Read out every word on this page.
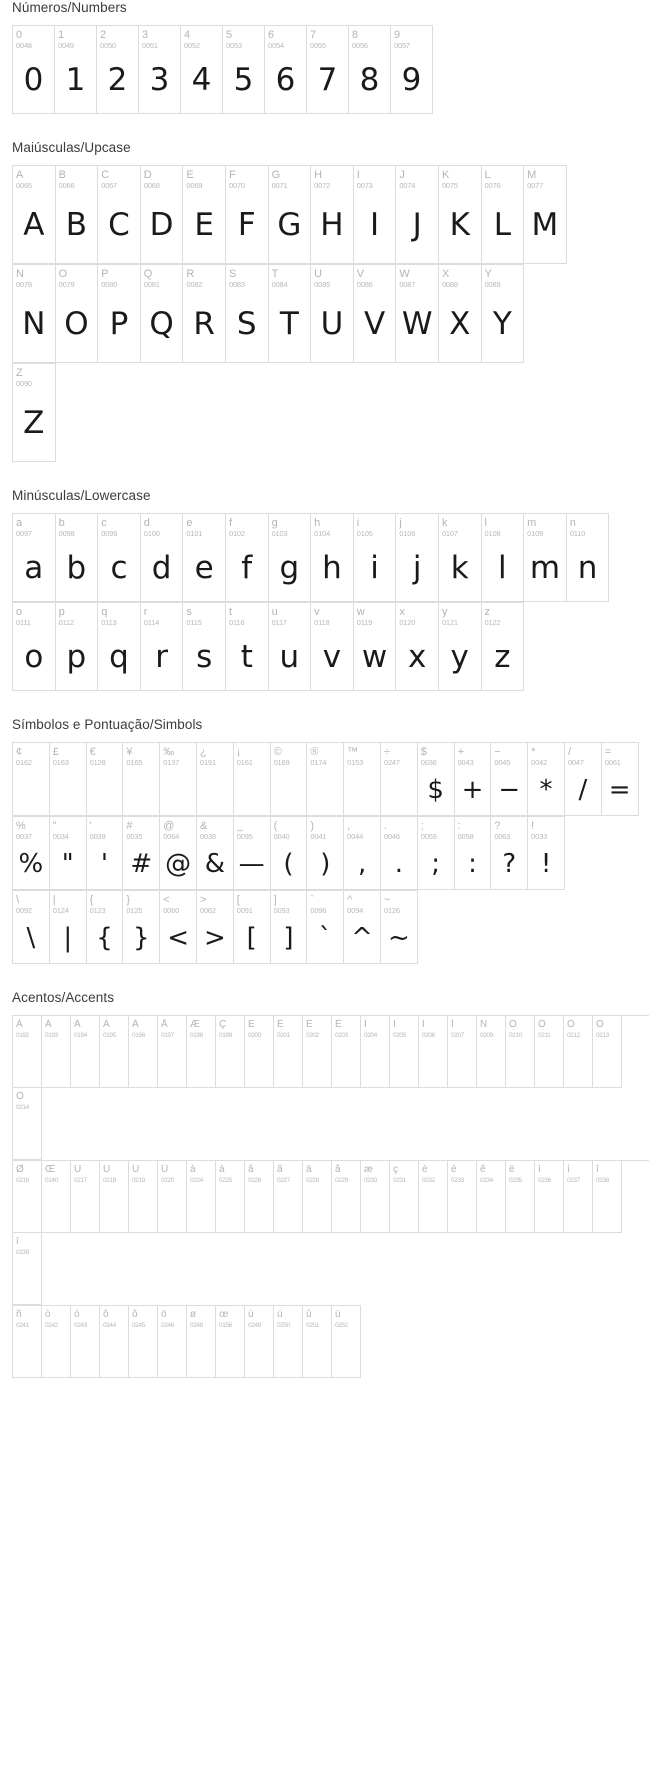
Números/Numbers
0
0048
0
1
0049
1
2
0050
2
3
0051
3
4
0052
4
5
0053
5
6
0054
6
7
0055
7
8
0056
8
9
0057
9
Maiúsculas/Upcase
A
0065
A
B
0066
B
C
0067
C
D
0068
D
E
0069
E
F
0070
F
G
0071
G
H
0072
H
I
0073
I
J
0074
J
K
0075
K
L
0076
L
M
0077
M
N
0078
N
O
0079
O
P
0080
P
Q
0081
Q
R
0082
R
S
0083
S
T
0084
T
U
0085
U
V
0086
V
W
0087
W
X
0088
X
Y
0089
Y
Z
0090
Z
Minúsculas/Lowercase
a
0097
a
b
0098
b
c
0099
c
d
0100
d
e
0101
e
f
0102
f
g
0103
g
h
0104
h
i
0105
i
j
0106
j
k
0107
k
l
0108
l
m
0109
m
n
0110
n
o
0111
o
p
0112
p
q
0113
q
r
0114
r
s
0115
s
t
0116
t
u
0117
u
v
0118
v
w
0119
w
x
0120
x
y
0121
y
z
0122
z
Símbolos e Pontuação/Simbols
¢
0162
£
0163
€
0128
¥
0165
‰
0137
¿
0191
¡
0161
©
0169
®
0174
™
0153
÷
0247
$
0036
$
+
0043
+
−
0045
−
*
0042
*
/
0047
/
=
0061
=
%
0037
%
"
0034
"
'
0039
'
#
0035
#
@
0064
@
&
0038
&
_
0095
—
(
0040
(
)
0041
)
,
0044
,
.
0046
.
;
0059
;
:
0058
:
?
0063
?
!
0033
!
\
0092
\
|
0124
|
{
0123
{
}
0125
}
<
0060
<
>
0062
>
[
0091
[
]
0093
]
`
0096
`
^
0094
^
~
0126
~
Acentos/Accents
À
0192
Á
0193
Â
0194
Ã
0195
Ä
0196
Å
0197
Æ
0198
Ç
0199
È
0200
É
0201
Ê
0202
Ë
0203
Ì
0204
Í
0205
Î
0206
Ï
0207
Ñ
0209
Ò
0210
Ó
0211
Ô
0212
Õ
0213
Ö
0214
Ø
0216
Œ
0140
Ù
0217
Ú
0218
Û
0219
Ü
0220
à
0224
á
0225
â
0226
ã
0227
ä
0228
å
0229
æ
0230
ç
0231
è
0232
é
0233
ê
0234
ë
0235
ì
0236
í
0237
î
0238
ï
0239
ñ
0241
ò
0242
ó
0243
ô
0244
õ
0245
ö
0246
ø
0248
œ
0156
ù
0249
ú
0250
û
0251
ü
0252
